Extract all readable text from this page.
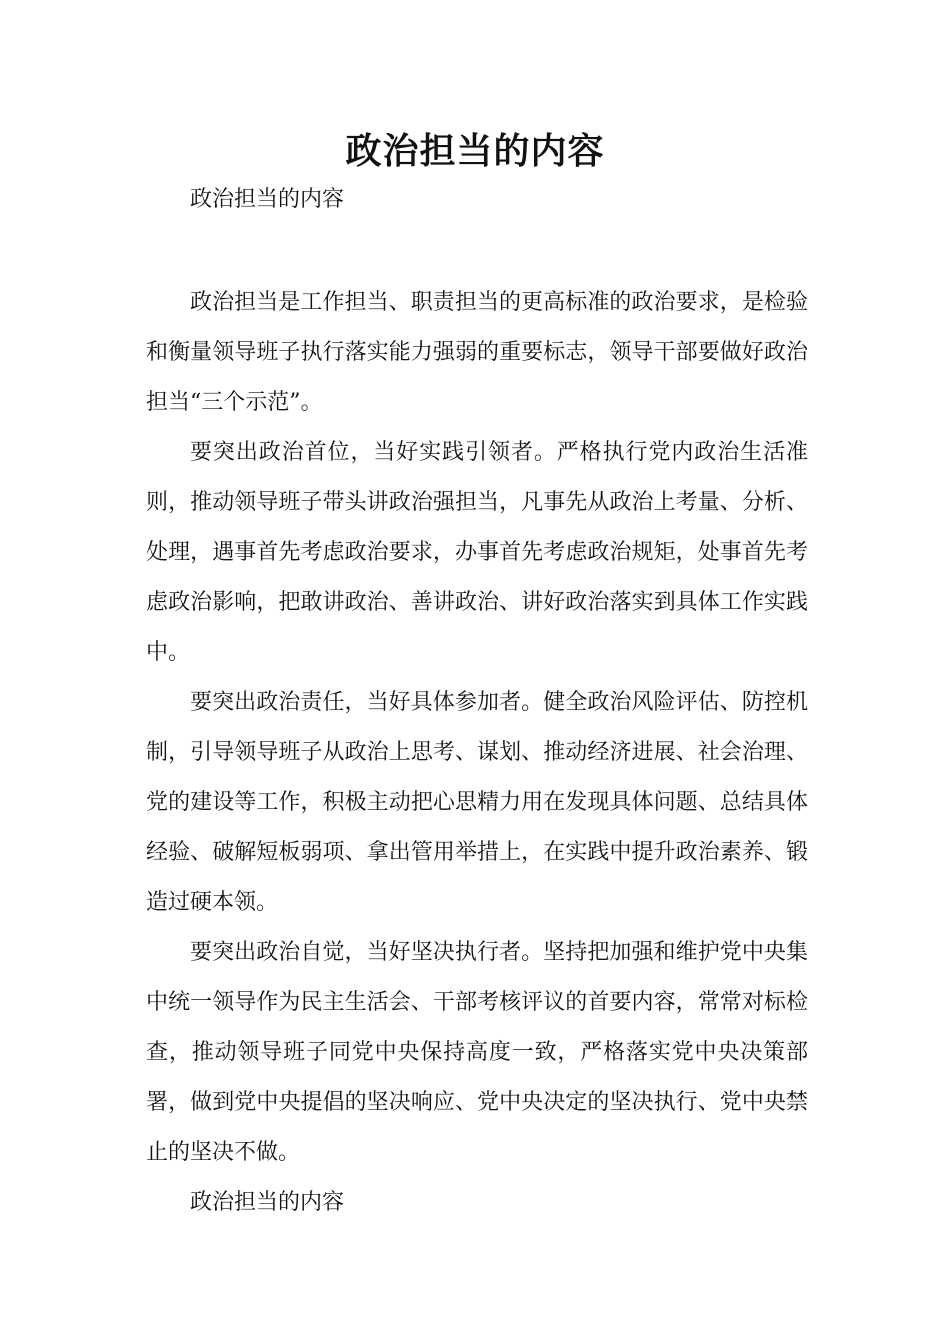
政治担当的内容

政治担当的内容

政治担当是工作担当、职责担当的更高标准的政治要求，是检验和衡量领导班子执行落实能力强弱的重要标志，领导干部要做好政治担当“三个示范”。

要突出政治首位，当好实践引领者。严格执行党内政治生活准则，推动领导班子带头讲政治强担当，凡事先从政治上考量、分析、处理，遇事首先考虑政治要求，办事首先考虑政治规矩，处事首先考虑政治影响，把敢讲政治、善讲政治、讲好政治落实到具体工作实践中。

要突出政治责任，当好具体参加者。健全政治风险评估、防控机制，引导领导班子从政治上思考、谋划、推动经济进展、社会治理、党的建设等工作，积极主动把心思精力用在发现具体问题、总结具体经验、破解短板弱项、拿出管用举措上，在实践中提升政治素养、锻造过硬本领。

要突出政治自觉，当好坚决执行者。坚持把加强和维护党中央集中统一领导作为民主生活会、干部考核评议的首要内容，常常对标检查，推动领导班子同党中央保持高度一致，严格落实党中央决策部署，做到党中央提倡的坚决响应、党中央决定的坚决执行、党中央禁止的坚决不做。

政治担当的内容
